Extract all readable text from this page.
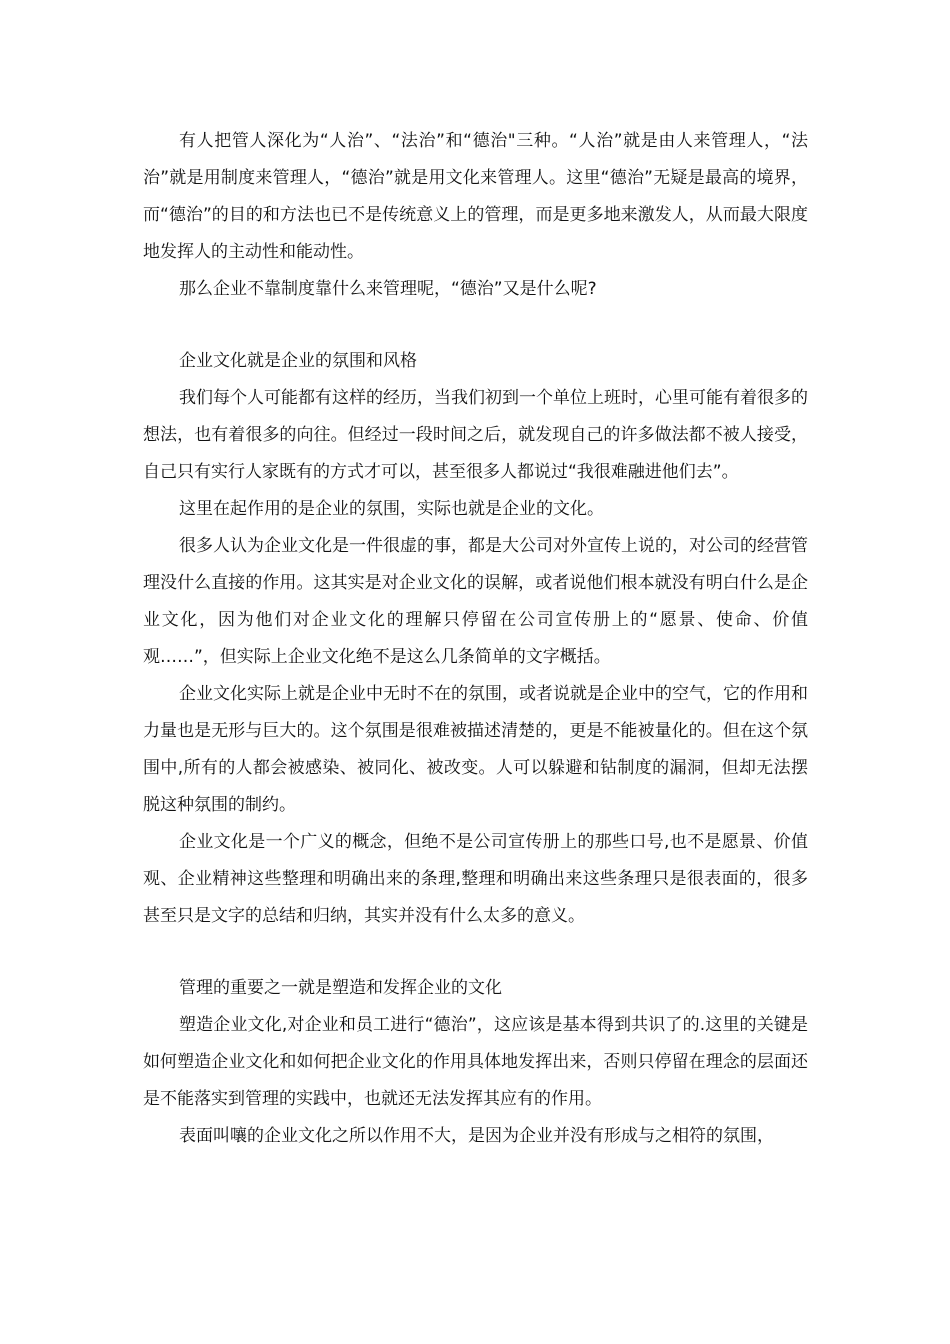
有人把管人深化为“人治”、“法治”和“德治"三种。“人治”就是由人来管理人，“法治”就是用制度来管理人，“德治”就是用文化来管理人。这里“德治”无疑是最高的境界，而“德治”的目的和方法也已不是传统意义上的管理，而是更多地来激发人，从而最大限度地发挥人的主动性和能动性。

那么企业不靠制度靠什么来管理呢，“德治”又是什么呢?

企业文化就是企业的氛围和风格

我们每个人可能都有这样的经历，当我们初到一个单位上班时，心里可能有着很多的想法，也有着很多的向往。但经过一段时间之后，就发现自己的许多做法都不被人接受，自己只有实行人家既有的方式才可以，甚至很多人都说过“我很难融进他们去”。

这里在起作用的是企业的氛围，实际也就是企业的文化。

很多人认为企业文化是一件很虚的事，都是大公司对外宣传上说的，对公司的经营管理没什么直接的作用。这其实是对企业文化的误解，或者说他们根本就没有明白什么是企业文化，因为他们对企业文化的理解只停留在公司宣传册上的“愿景、使命、价值观……”，但实际上企业文化绝不是这么几条简单的文字概括。

企业文化实际上就是企业中无时不在的氛围，或者说就是企业中的空气，它的作用和力量也是无形与巨大的。这个氛围是很难被描述清楚的，更是不能被量化的。但在这个氛围中,所有的人都会被感染、被同化、被改变。人可以躲避和钻制度的漏洞，但却无法摆脱这种氛围的制约。

企业文化是一个广义的概念，但绝不是公司宣传册上的那些口号,也不是愿景、价值观、企业精神这些整理和明确出来的条理,整理和明确出来这些条理只是很表面的，很多甚至只是文字的总结和归纳，其实并没有什么太多的意义。

管理的重要之一就是塑造和发挥企业的文化

塑造企业文化,对企业和员工进行“德治”，这应该是基本得到共识了的.这里的关键是如何塑造企业文化和如何把企业文化的作用具体地发挥出来，否则只停留在理念的层面还是不能落实到管理的实践中，也就还无法发挥其应有的作用。

表面叫嚷的企业文化之所以作用不大，是因为企业并没有形成与之相符的氛围，
